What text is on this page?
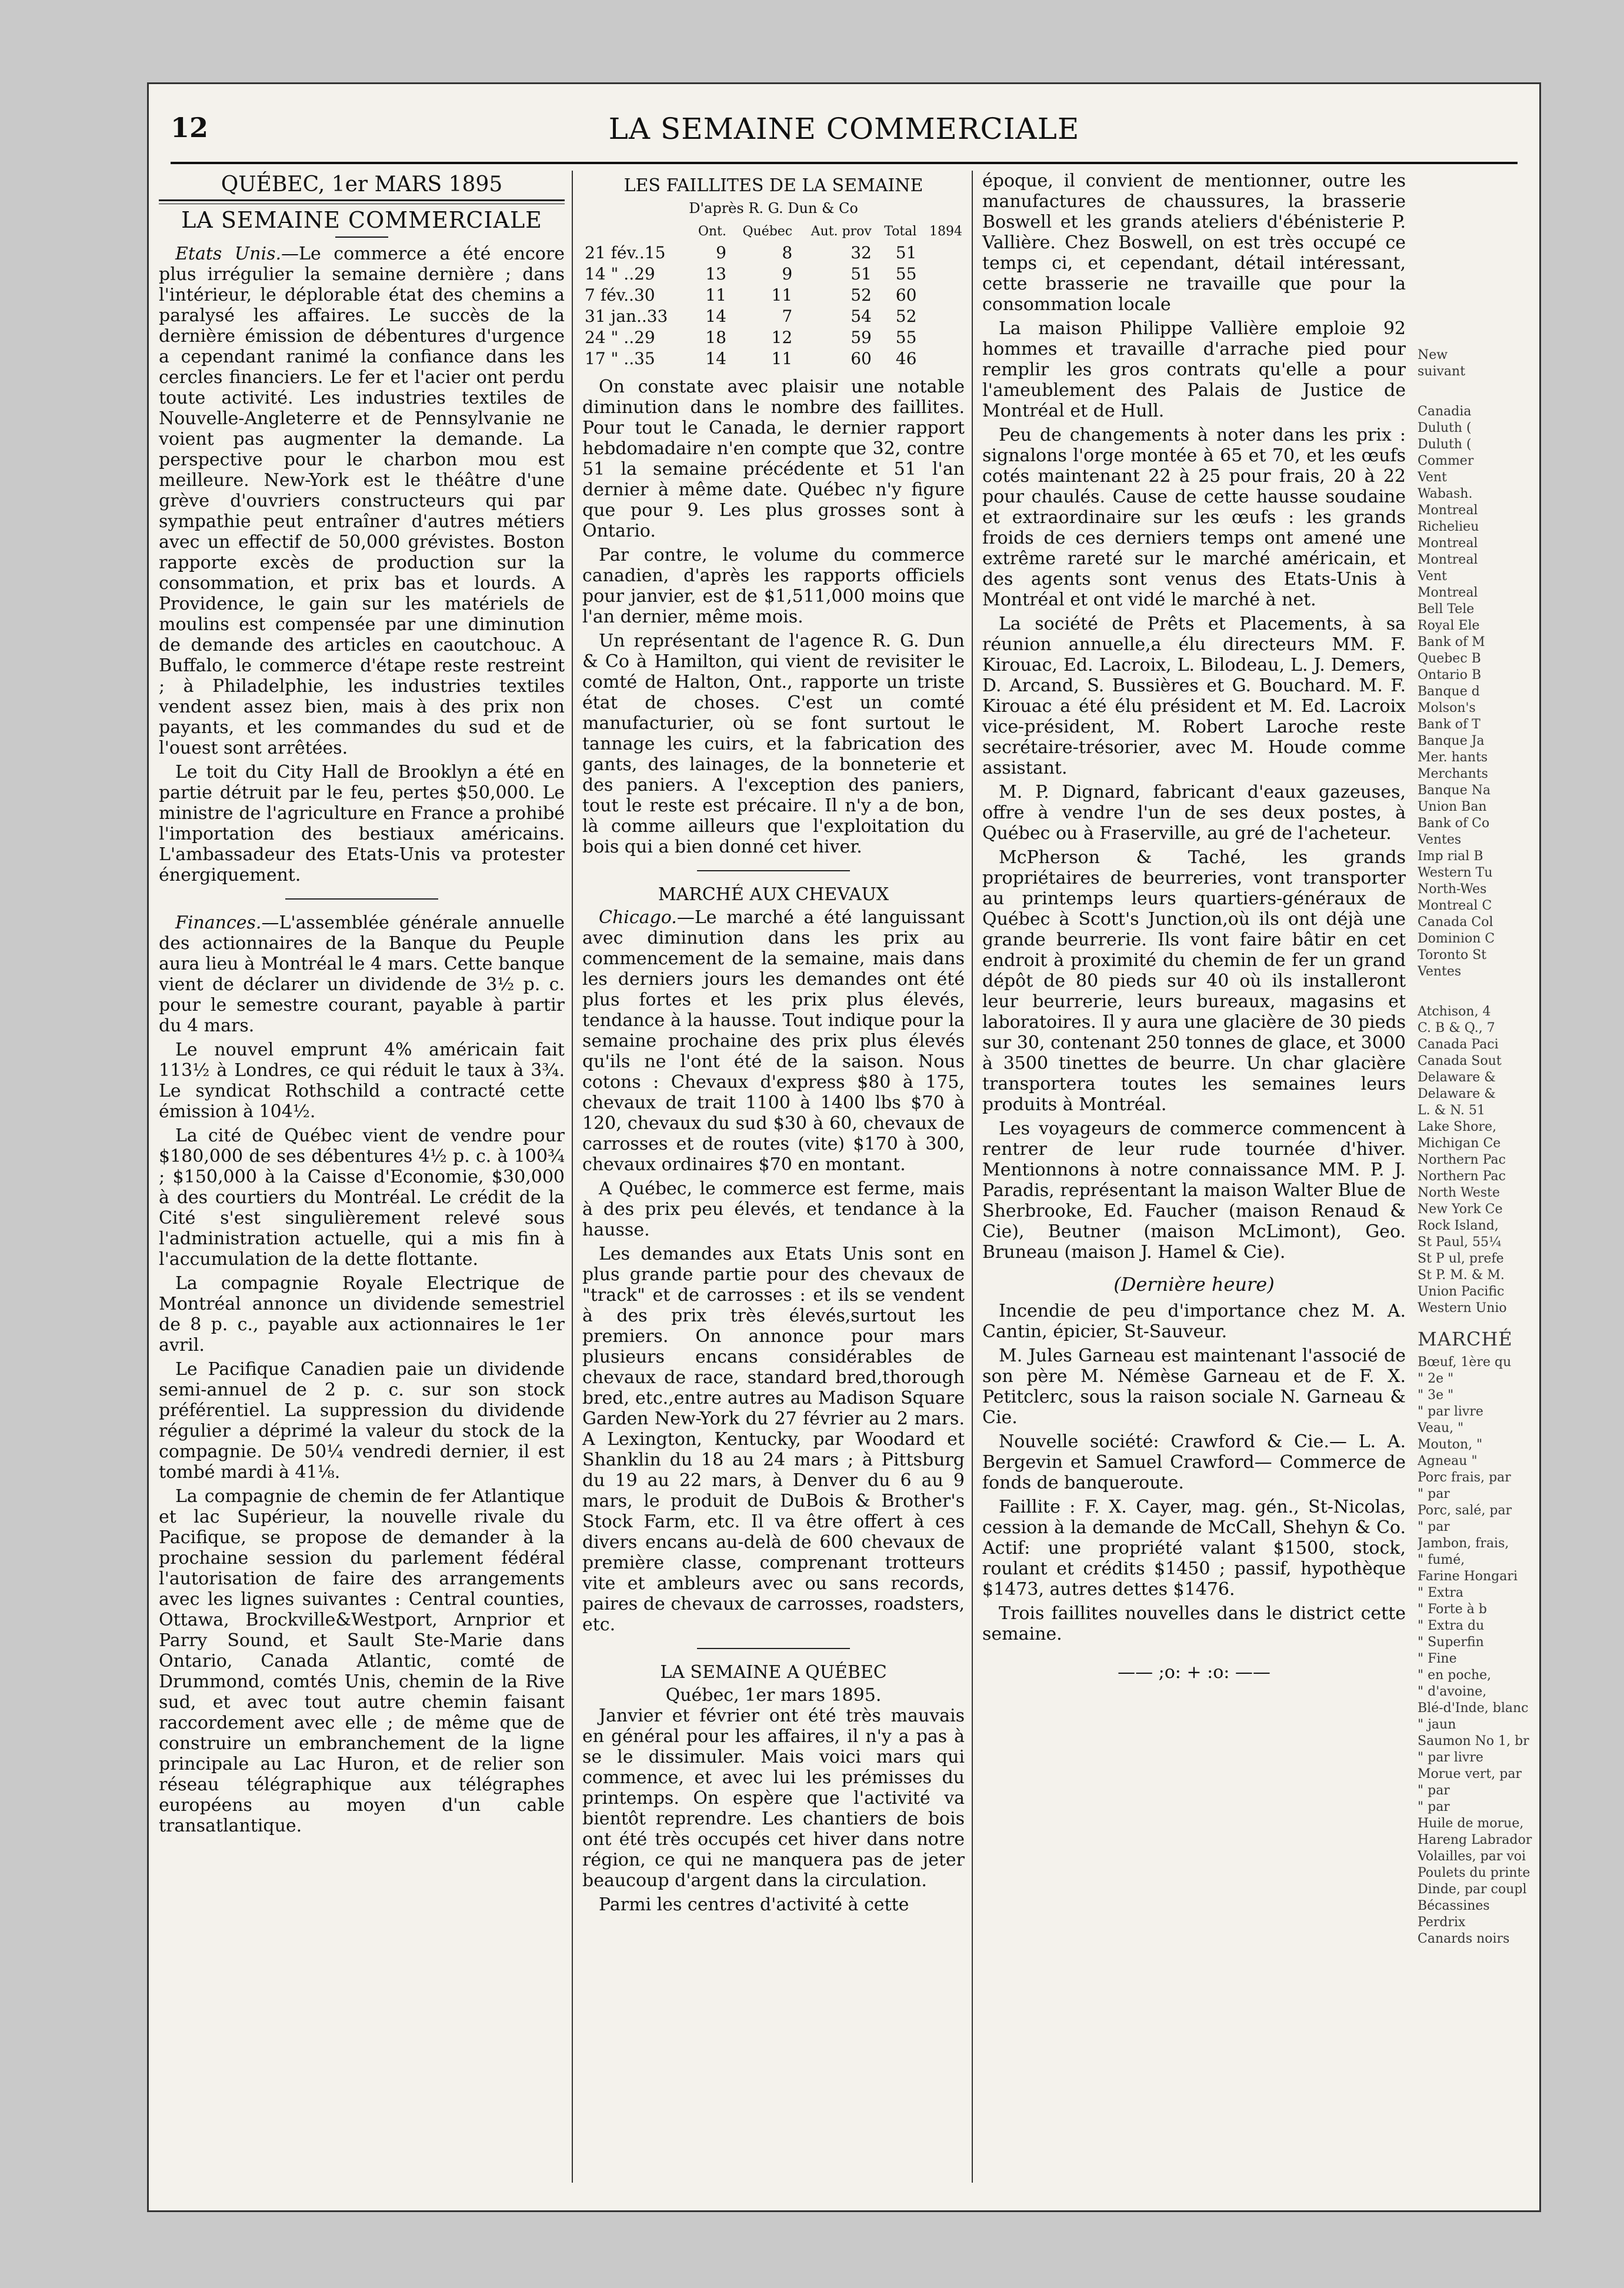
12	LA SEMAINE COMMERCIALE
QUÉBEC, 1er MARS 1895
LA SEMAINE COMMERCIALE

Etats Unis.—Le commerce a été encore plus irrégulier la semaine dernière ; dans l'intérieur, le déplorable état des chemins a paralysé les affaires. Le succès de la dernière émission de débentures d'urgence a cependant ranimé la confiance dans les cercles financiers. Le fer et l'acier ont perdu toute activité. Les industries textiles de Nouvelle-Angleterre et de Pennsylvanie ne voient pas augmenter la demande. La perspective pour le charbon mou est meilleure. New-York est le théâtre d'une grève d'ouvriers constructeurs qui par sympathie peut entraîner d'autres métiers avec un effectif de 50,000 grévistes. Boston rapporte excès de production sur la consommation, et prix bas et lourds. A Providence, le gain sur les matériels de moulins est compensée par une diminution de demande des articles en caoutchouc. A Buffalo, le commerce d'étape reste restreint ; à Philadelphie, les industries textiles vendent assez bien, mais à des prix non payants, et les commandes du sud et de l'ouest sont arrêtées.

Le toit du City Hall de Brooklyn a été en partie détruit par le feu, pertes $50,000. Le ministre de l'agriculture en France a prohibé l'importation des bestiaux américains. L'ambassadeur des Etats-Unis va protester énergiquement.

Finances.—L'assemblée générale annuelle des actionnaires de la Banque du Peuple aura lieu à Montréal le 4 mars. Cette banque vient de déclarer un dividende de 3½ p. c. pour le semestre courant, payable à partir du 4 mars.

Le nouvel emprunt 4% américain fait 113½ à Londres, ce qui réduit le taux à 3¾. Le syndicat Rothschild a contracté cette émission à 104½.

La cité de Québec vient de vendre pour $180,000 de ses débentures 4½ p. c. à 100¾ ; $150,000 à la Caisse d'Economie, $30,000 à des courtiers du Montréal. Le crédit de la Cité s'est singulièrement relevé sous l'administration actuelle, qui a mis fin à l'accumulation de la dette flottante.

La compagnie Royale Electrique de Montréal annonce un dividende semestriel de 8 p. c., payable aux actionnaires le 1er avril.

Le Pacifique Canadien paie un dividende semi-annuel de 2 p. c. sur son stock préférentiel. La suppression du dividende régulier a déprimé la valeur du stock de la compagnie. De 50¼ vendredi dernier, il est tombé mardi à 41⅛.

La compagnie de chemin de fer Atlantique et lac Supérieur, la nouvelle rivale du Pacifique, se propose de demander à la prochaine session du parlement fédéral l'autorisation de faire des arrangements avec les lignes suivantes : Central counties, Ottawa, Brockville&Westport, Arnprior et Parry Sound, et Sault Ste-Marie dans Ontario, Canada Atlantic, comté de Drummond, comtés Unis, chemin de la Rive sud, et avec tout autre chemin faisant raccordement avec elle ; de même que de construire un embranchement de la ligne principale au Lac Huron, et de relier son réseau télégraphique aux télégraphes européens au moyen d'un cable transatlantique.

LES FAILLITES DE LA SEMAINE
D'après R. G. Dun & Co
	Ont.	Québec	Aut. prov	Total	1894
21 fév..15	9	8	32	51	
14 " ..29	13	9	51	55	
7 fév..30	11	11	52	60	
31 jan..33	14	7	54	52	
24 " ..29	18	12	59	55	
17 " ..35	14	11	60	46	

On constate avec plaisir une notable diminution dans le nombre des faillites. Pour tout le Canada, le dernier rapport hebdomadaire n'en compte que 32, contre 51 la semaine précédente et 51 l'an dernier à même date. Québec n'y figure que pour 9. Les plus grosses sont à Ontario.

Par contre, le volume du commerce canadien, d'après les rapports officiels pour janvier, est de $1,511,000 moins que l'an dernier, même mois.

Un représentant de l'agence R. G. Dun & Co à Hamilton, qui vient de revisiter le comté de Halton, Ont., rapporte un triste état de choses. C'est un comté manufacturier, où se font surtout le tannage les cuirs, et la fabrication des gants, des lainages, de la bonneterie et des paniers. A l'exception des paniers, tout le reste est précaire. Il n'y a de bon, là comme ailleurs que l'exploitation du bois qui a bien donné cet hiver.

MARCHÉ AUX CHEVAUX

Chicago.—Le marché a été languissant avec diminution dans les prix au commencement de la semaine, mais dans les derniers jours les demandes ont été plus fortes et les prix plus élevés, tendance à la hausse. Tout indique pour la semaine prochaine des prix plus élevés qu'ils ne l'ont été de la saison. Nous cotons : Chevaux d'express $80 à 175, chevaux de trait 1100 à 1400 lbs $70 à 120, chevaux du sud $30 à 60, chevaux de carrosses et de routes (vite) $170 à 300, chevaux ordinaires $70 en montant.

A Québec, le commerce est ferme, mais à des prix peu élevés, et tendance à la hausse.

Les demandes aux Etats Unis sont en plus grande partie pour des chevaux de "track" et de carrosses : et ils se vendent à des prix très élevés,surtout les premiers. On annonce pour mars plusieurs encans considérables de chevaux de race, standard bred,thorough bred, etc.,entre autres au Madison Square Garden New-York du 27 février au 2 mars. A Lexington, Kentucky, par Woodard et Shanklin du 18 au 24 mars ; à Pittsburg du 19 au 22 mars, à Denver du 6 au 9 mars, le produit de DuBois & Brother's Stock Farm, etc. Il va être offert à ces divers encans au-delà de 600 chevaux de première classe, comprenant trotteurs vite et ambleurs avec ou sans records, paires de chevaux de carrosses, roadsters, etc.

LA SEMAINE A QUÉBEC
Québec, 1er mars 1895.

Janvier et février ont été très mauvais en général pour les affaires, il n'y a pas à se le dissimuler. Mais voici mars qui commence, et avec lui les prémisses du printemps. On espère que l'activité va bientôt reprendre. Les chantiers de bois ont été très occupés cet hiver dans notre région, ce qui ne manquera pas de jeter beaucoup d'argent dans la circulation.

Parmi les centres d'activité à cette

époque, il convient de mentionner, outre les manufactures de chaussures, la brasserie Boswell et les grands ateliers d'ébénisterie P. Vallière. Chez Boswell, on est très occupé ce temps ci, et cependant, détail intéressant, cette brasserie ne travaille que pour la consommation locale

La maison Philippe Vallière emploie 92 hommes et travaille d'arrache pied pour remplir les gros contrats qu'elle a pour l'ameublement des Palais de Justice de Montréal et de Hull.

Peu de changements à noter dans les prix : signalons l'orge montée à 65 et 70, et les œufs cotés maintenant 22 à 25 pour frais, 20 à 22 pour chaulés. Cause de cette hausse soudaine et extraordinaire sur les œufs : les grands froids de ces derniers temps ont amené une extrême rareté sur le marché américain, et des agents sont venus des Etats-Unis à Montréal et ont vidé le marché à net.

La société de Prêts et Placements, à sa réunion annuelle,a élu directeurs MM. F. Kirouac, Ed. Lacroix, L. Bilodeau, L. J. Demers, D. Arcand, S. Bussières et G. Bouchard. M. F. Kirouac a été élu président et M. Ed. Lacroix vice-président, M. Robert Laroche reste secrétaire-trésorier, avec M. Houde comme assistant.

M. P. Dignard, fabricant d'eaux gazeuses, offre à vendre l'un de ses deux postes, à Québec ou à Fraserville, au gré de l'acheteur.

McPherson & Taché, les grands propriétaires de beurreries, vont transporter au printemps leurs quartiers-généraux de Québec à Scott's Junction,où ils ont déjà une grande beurrerie. Ils vont faire bâtir en cet endroit à proximité du chemin de fer un grand dépôt de 80 pieds sur 40 où ils installeront leur beurrerie, leurs bureaux, magasins et laboratoires. Il y aura une glacière de 30 pieds sur 30, contenant 250 tonnes de glace, et 3000 à 3500 tinettes de beurre. Un char glacière transportera toutes les semaines leurs produits à Montréal.

Les voyageurs de commerce commencent à rentrer de leur rude tournée d'hiver. Mentionnons à notre connaissance MM. P. J. Paradis, représentant la maison Walter Blue de Sherbrooke, Ed. Faucher (maison Renaud & Cie), Beutner (maison McLimont), Geo. Bruneau (maison J. Hamel & Cie).

(Dernière heure)

Incendie de peu d'importance chez M. A. Cantin, épicier, St-Sauveur.

M. Jules Garneau est maintenant l'associé de son père M. Némèse Garneau et de F. X. Petitclerc, sous la raison sociale N. Garneau & Cie.

Nouvelle société: Crawford & Cie.— L. A. Bergevin et Samuel Crawford— Commerce de fonds de banqueroute.

Faillite : F. X. Cayer, mag. gén., St-Nicolas, cession à la demande de McCall, Shehyn & Co. Actif: une propriété valant $1500, stock, roulant et crédits $1450 ; passif, hypothèque $1473, autres dettes $1476.

Trois faillites nouvelles dans le district cette semaine.

—— ;o: + :o: ——
New
suivant
Canadia
Duluth (
Duluth (
Commer
Vent
Wabash.
Montreal
Richelieu
Montreal
Montreal
Vent
Montreal
Bell Tele
Royal Ele
Bank of M
Quebec B
Ontario B
Banque d
Molson's
Bank of T
Banque Ja
Mer. hants
Merchants
Banque Na
Union Ban
Bank of Co
Ventes
Imp rial B
Western Tu
North-Wes
Montreal C
Canada Col
Dominion C
Toronto St
Ventes
Atchison, 4
C. B & Q., 7
Canada Paci
Canada Sout
Delaware &
Delaware &
L. & N. 51
Lake Shore,
Michigan Ce
Northern Pac
Northern Pac
North Weste
New York Ce
Rock Island,
St Paul, 55¼
St P ul, prefe
St P. M. & M.
Union Pacific
Western Unio
MARCHÉ
Bœuf, 1ère qu
" 2e "
" 3e "
" par livre
Veau, "
Mouton, "
Agneau "
Porc frais, par
" par
Porc, salé, par
" par
Jambon, frais,
" fumé,
Farine Hongari
" Extra
" Forte à b
" Extra du
" Superfin
" Fine
" en poche,
" d'avoine,
Blé-d'Inde, blanc
" jaun
Saumon No 1, br
" par livre
Morue vert, par
" par
" par
Huile de morue,
Hareng Labrador
Volailles, par voi
Poulets du printe
Dinde, par coupl
Bécassines
Perdrix
Canards noirs
